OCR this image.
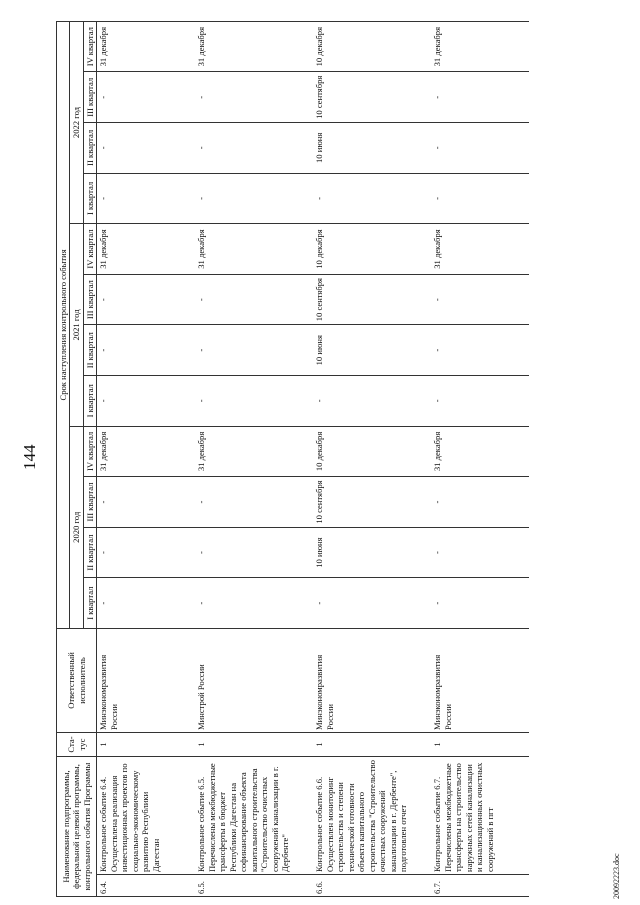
144
Наименование подпрограммы, федеральной целевой программы, контрольного события Программы		Ста- тус	Ответственный исполнитель	Срок наступления контрольного события											
				2020 год				2021 год				2022 год			
				I квартал	II квартал	III квартал	IV квартал	I квартал	II квартал	III квартал	IV квартал	I квартал	II квартал	III квартал	IV квартал
6.4.	Контрольное событие 6.4. Осуществлена реализация инвестиционных проектов по социально-экономическому развитию Республики Дагестан	1	Минэкономразвития России	-	-	-	31 декабря	-	-	-	31 декабря	-	-	-	31 декабря
6.5.	Контрольное событие 6.5. Перечислены межбюджетные трансферты в бюджет Республики Дагестан на софинансирование объекта капитального строительства "Строительство очистных сооружений канализации в г. Дербенте"	1	Минстрой России	-	-	-	31 декабря	-	-	-	31 декабря	-	-	-	31 декабря
6.6.	Контрольное событие 6.6. Осуществлен мониторинг строительства и степени технической готовности объекта капитального строительства "Строительство очистных сооружений канализации в г. Дербенте", подготовлен отчет	1	Минэкономразвития России	-	10 июня	10 сентября	10 декабря	-	10 июня	10 сентября	10 декабря	-	10 июня	10 сентября	10 декабря
6.7.	Контрольное событие 6.7. Перечислены межбюджетные трансферты на строительство наружных сетей канализации и канализационных очистных сооружений в пгт	1	Минэкономразвития России	-	-	-	31 декабря	-	-	-	31 декабря	-	-	-	31 декабря
20092223.doc
